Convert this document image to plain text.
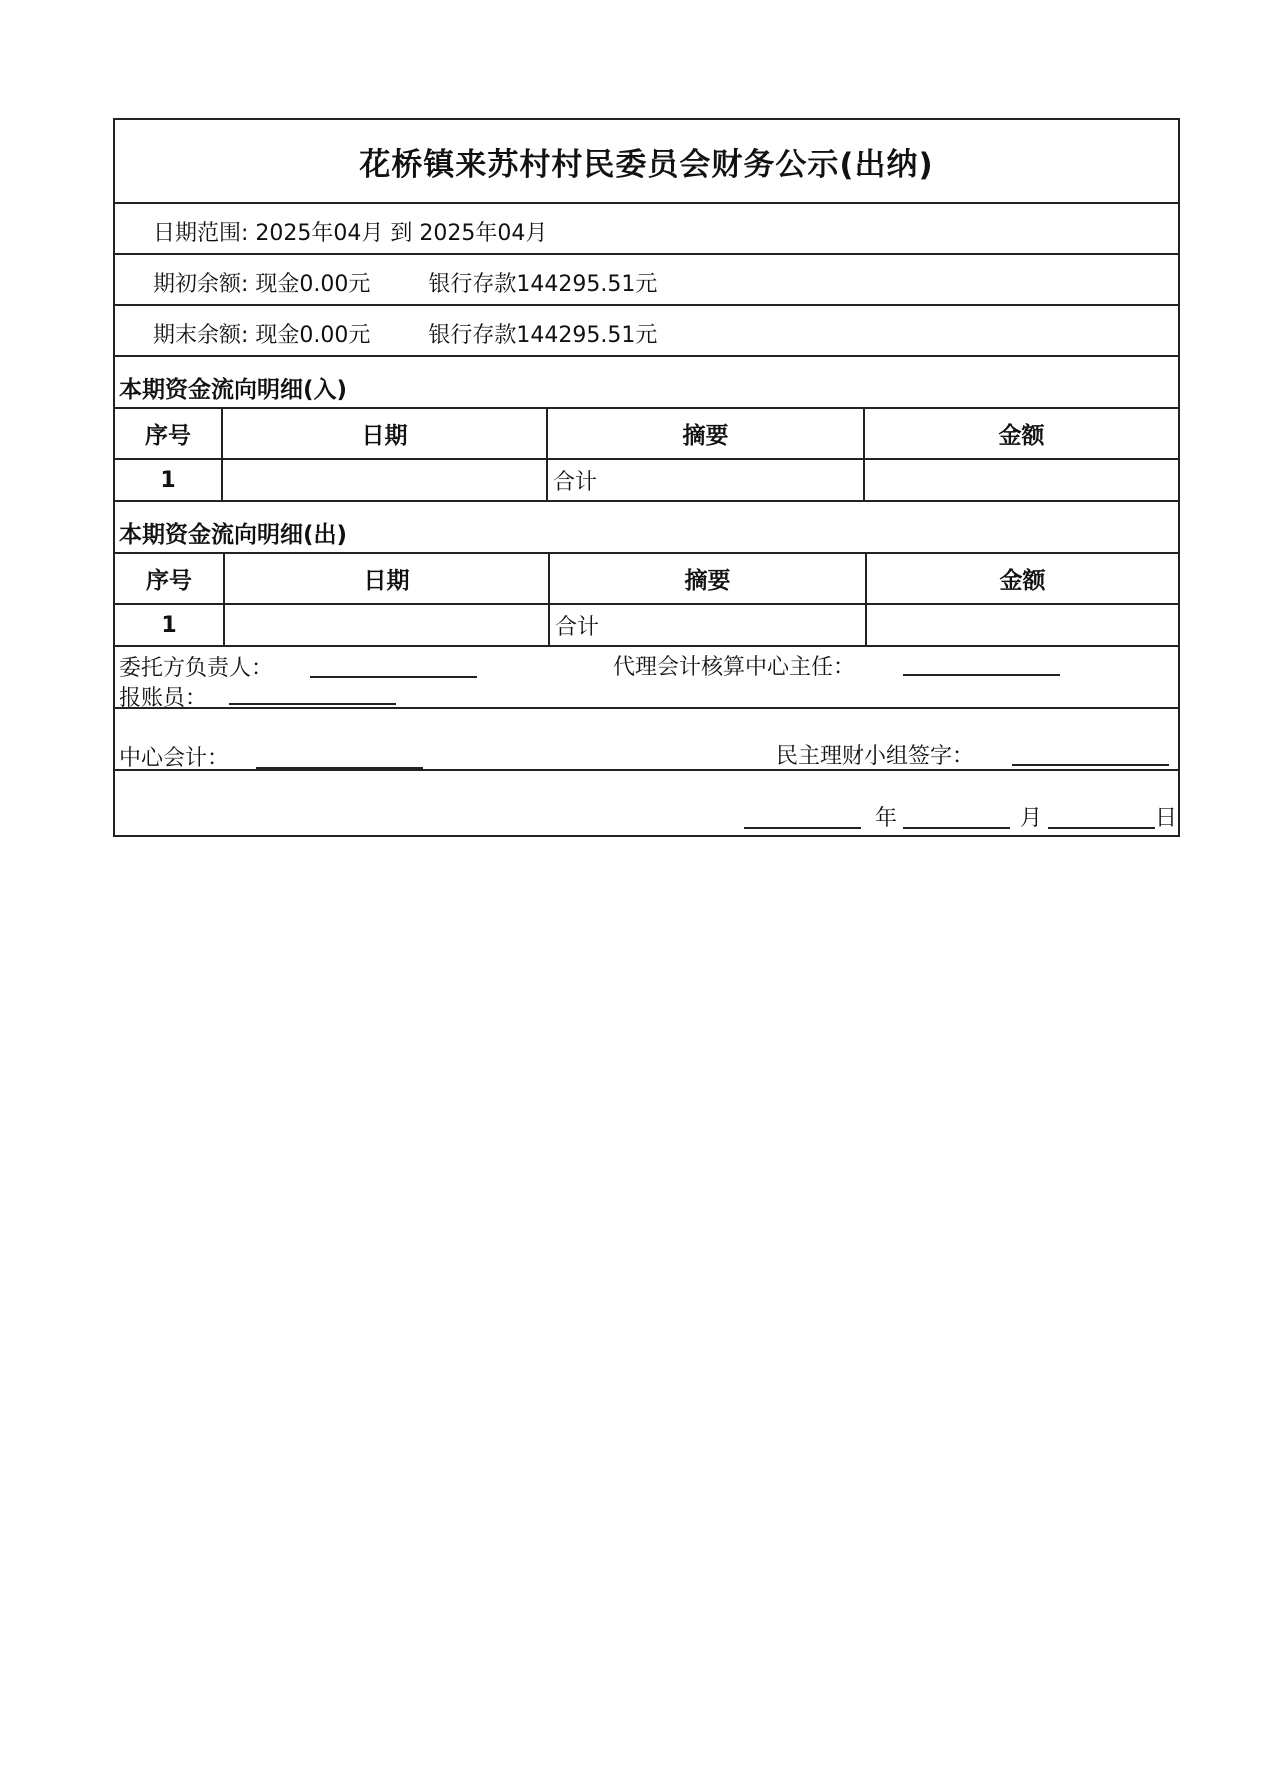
花桥镇来苏村村民委员会财务公示(出纳)
日期范围: 2025年04月 到 2025年04月
期初余额: 现金0.00元	银行存款144295.51元
期末余额: 现金0.00元	银行存款144295.51元
本期资金流向明细(入)
序号	日期	摘要	金额
1		合计	
本期资金流向明细(出)
序号	日期	摘要	金额
1		合计	
委托方负责人：	代理会计核算中心主任：
报账员：
中心会计：	民主理财小组签字：
年	月	日
